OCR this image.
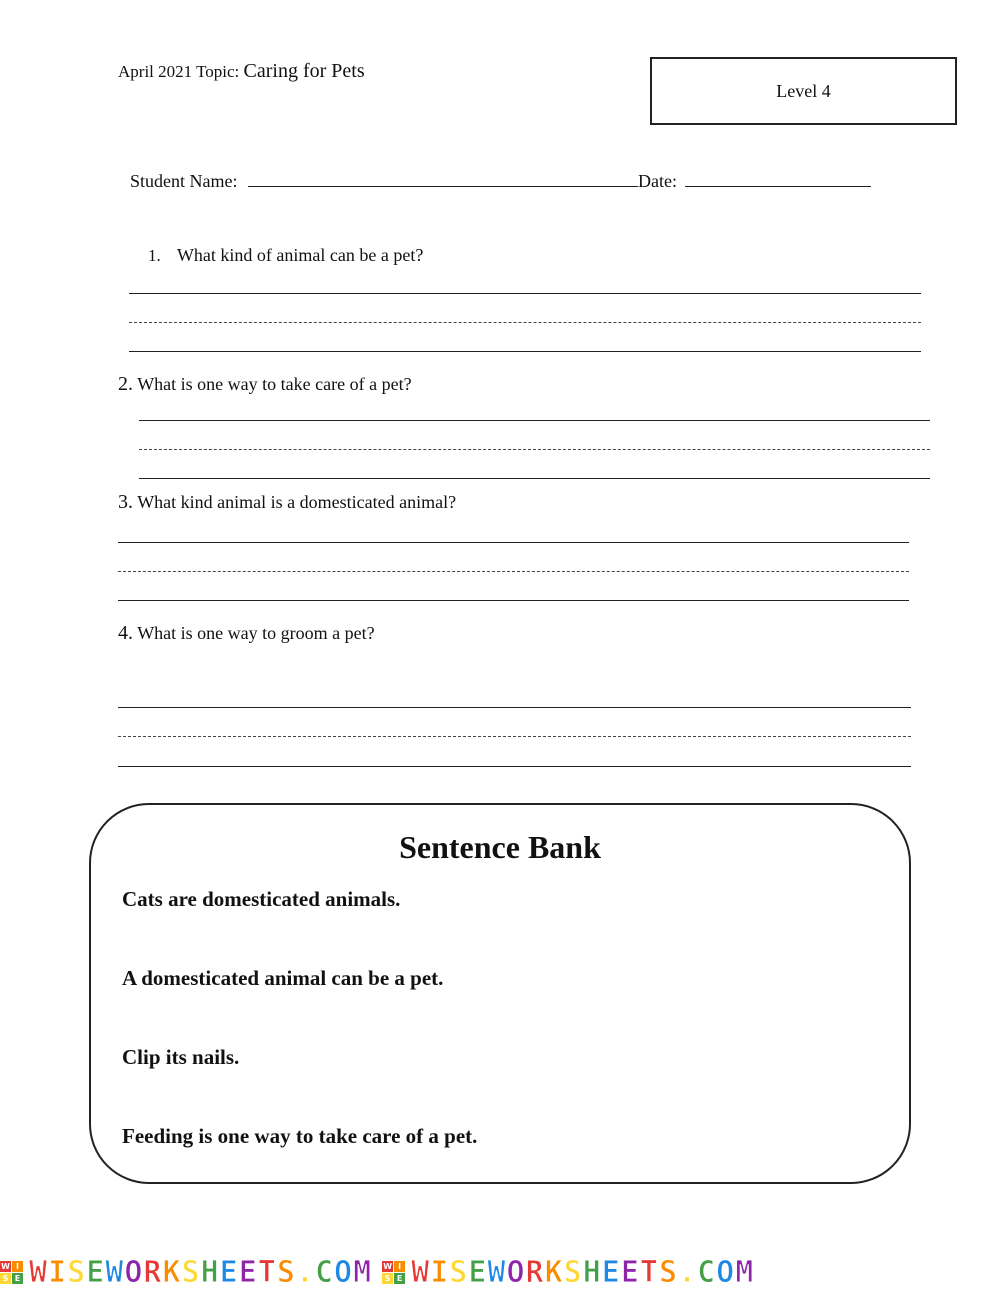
April 2021 Topic: Caring for Pets
Level 4
Student Name:	Date:
1. What kind of animal can be a pet?
2. What is one way to take care of a pet?
3. What kind animal is a domesticated animal?
4. What is one way to groom a pet?
Sentence Bank
Cats are domesticated animals.
A domesticated animal can be a pet.
Clip its nails.
Feeding is one way to take care of a pet.
W I
S E WISEWORKSHEETS.COM W I
S E WISEWORKSHEETS.COM
